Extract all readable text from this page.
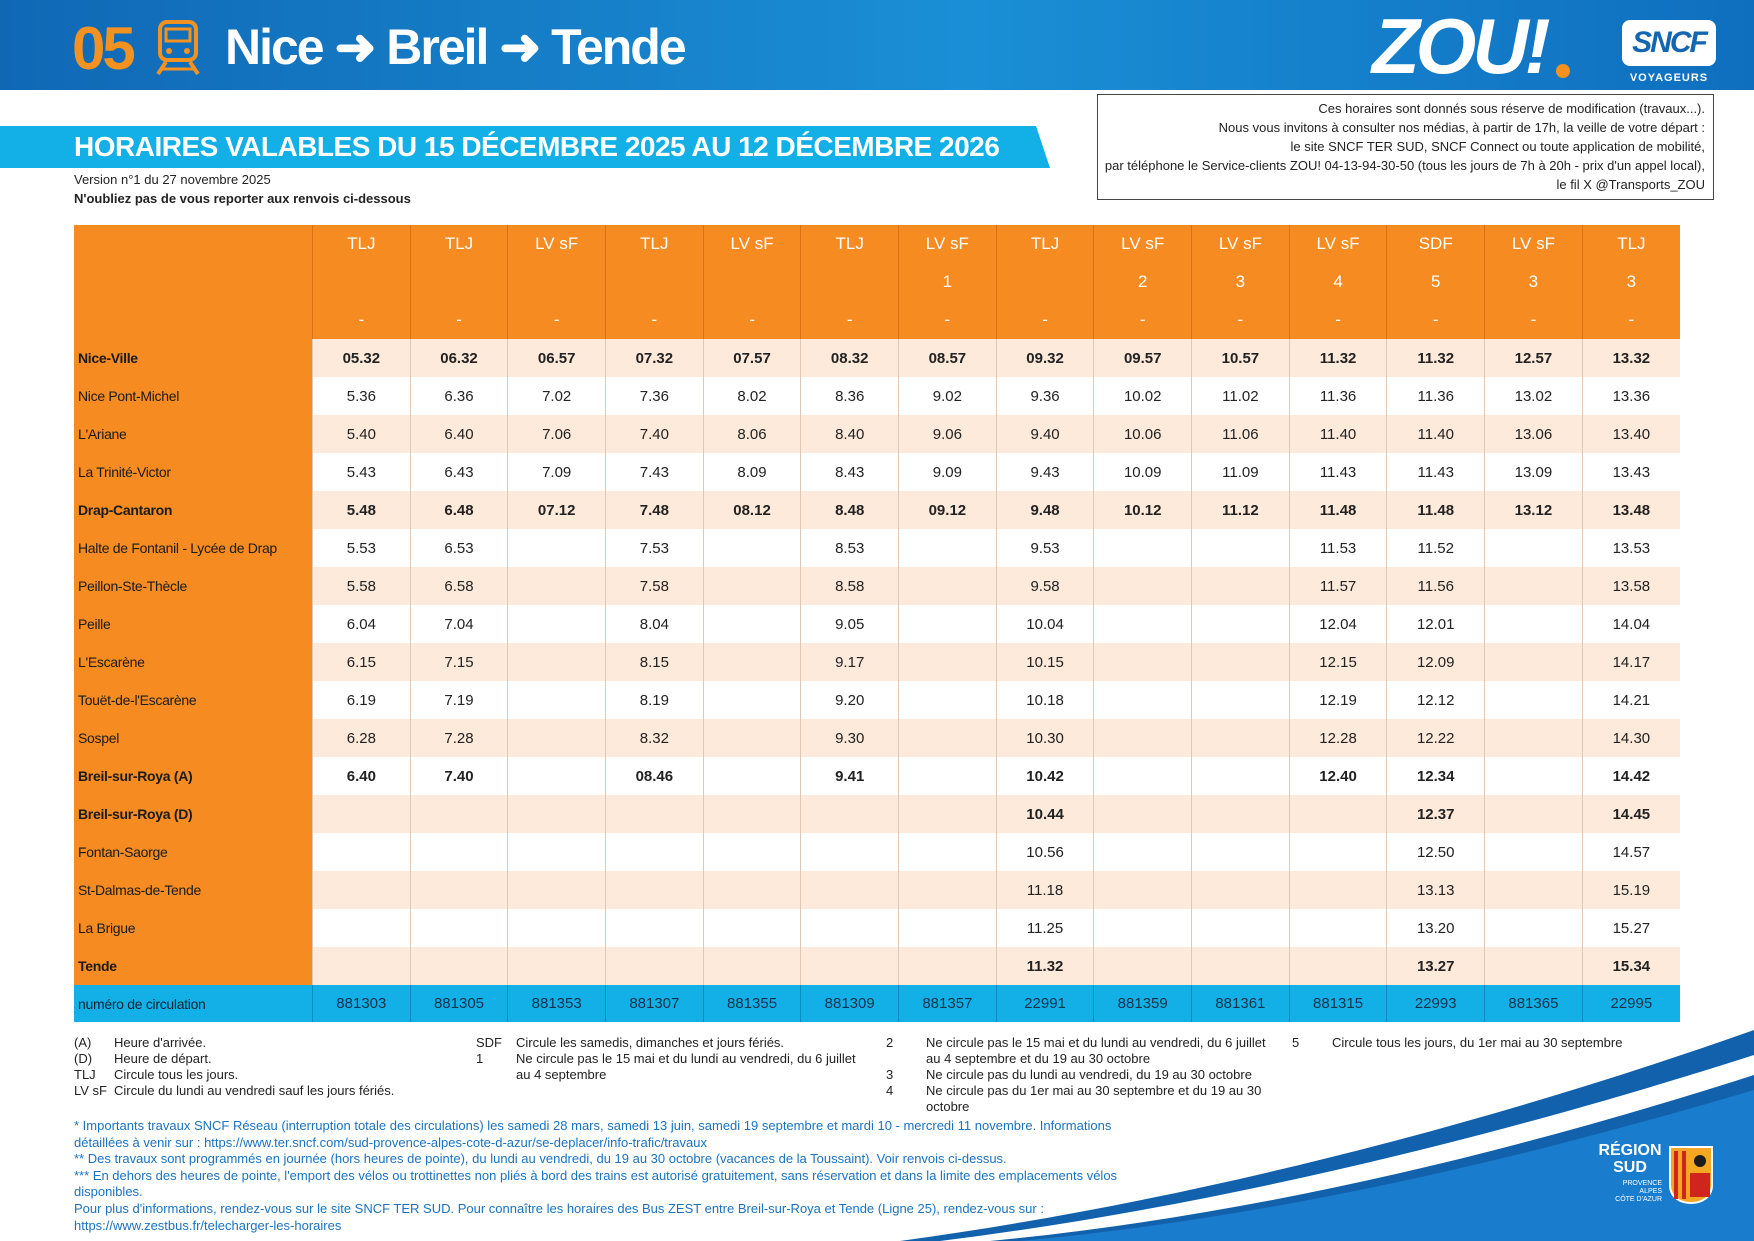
05 Nice ➜ Breil ➜ Tende	ZOU!	SNCF
VOYAGEURS
Ces horaires sont donnés sous réserve de modification (travaux...).
Nous vous invitons à consulter nos médias, à partir de 17h, la veille de votre départ :
le site SNCF TER SUD, SNCF Connect ou toute application de mobilité,
par téléphone le Service-clients ZOU! 04-13-94-30-50 (tous les jours de 7h à 20h - prix d'un appel local),
le fil X @Transports_ZOU
HORAIRES VALABLES DU 15 DÉCEMBRE 2025 AU 12 DÉCEMBRE 2026
Version n°1 du 27 novembre 2025
N'oubliez pas de vous reporter aux renvois ci-dessous
	TLJ	TLJ	LV sF	TLJ	LV sF	TLJ	LV sF	TLJ	LV sF	LV sF	LV sF	SDF	LV sF	TLJ
							1		2	3	4	5	3	3
	-	-	-	-	-	-	-	-	-	-	-	-	-	-
Nice-Ville	05.32	06.32	06.57	07.32	07.57	08.32	08.57	09.32	09.57	10.57	11.32	11.32	12.57	13.32
Nice Pont-Michel	5.36	6.36	7.02	7.36	8.02	8.36	9.02	9.36	10.02	11.02	11.36	11.36	13.02	13.36
L'Ariane	5.40	6.40	7.06	7.40	8.06	8.40	9.06	9.40	10.06	11.06	11.40	11.40	13.06	13.40
La Trinité-Victor	5.43	6.43	7.09	7.43	8.09	8.43	9.09	9.43	10.09	11.09	11.43	11.43	13.09	13.43
Drap-Cantaron	5.48	6.48	07.12	7.48	08.12	8.48	09.12	9.48	10.12	11.12	11.48	11.48	13.12	13.48
Halte de Fontanil - Lycée de Drap	5.53	6.53		7.53		8.53		9.53			11.53	11.52		13.53
Peillon-Ste-Thècle	5.58	6.58		7.58		8.58		9.58			11.57	11.56		13.58
Peille	6.04	7.04		8.04		9.05		10.04			12.04	12.01		14.04
L'Escarène	6.15	7.15		8.15		9.17		10.15			12.15	12.09		14.17
Touët-de-l'Escarène	6.19	7.19		8.19		9.20		10.18			12.19	12.12		14.21
Sospel	6.28	7.28		8.32		9.30		10.30			12.28	12.22		14.30
Breil-sur-Roya (A)	6.40	7.40		08.46		9.41		10.42			12.40	12.34		14.42
Breil-sur-Roya (D)								10.44				12.37		14.45
Fontan-Saorge								10.56				12.50		14.57
St-Dalmas-de-Tende								11.18				13.13		15.19
La Brigue								11.25				13.20		15.27
Tende								11.32				13.27		15.34
numéro de circulation	881303	881305	881353	881307	881355	881309	881357	22991	881359	881361	881315	22993	881365	22995
(A) Heure d'arrivée.
(D) Heure de départ.
TLJ Circule tous les jours.
LV sF Circule du lundi au vendredi sauf les jours fériés.
SDF Circule les samedis, dimanches et jours fériés.
1	Ne circule pas le 15 mai et du lundi au vendredi, du 6 juillet au 4 septembre
2	Ne circule pas le 15 mai et du lundi au vendredi, du 6 juillet au 4 septembre et du 19 au 30 octobre
3	Ne circule pas du lundi au vendredi, du 19 au 30 octobre
4	Ne circule pas du 1er mai au 30 septembre et du 19 au 30 octobre
5	Circule tous les jours, du 1er mai au 30 septembre
* Importants travaux SNCF Réseau (interruption totale des circulations) les samedi 28 mars, samedi 13 juin, samedi 19 septembre et mardi 10 - mercredi 11 novembre. Informations détaillées à venir sur : https://www.ter.sncf.com/sud-provence-alpes-cote-d-azur/se-deplacer/info-trafic/travaux
** Des travaux sont programmés en journée (hors heures de pointe), du lundi au vendredi, du 19 au 30 octobre (vacances de la Toussaint). Voir renvois ci-dessus.
*** En dehors des heures de pointe, l'emport des vélos ou trottinettes non pliés à bord des trains est autorisé gratuitement, sans réservation et dans la limite des emplacements vélos disponibles.
Pour plus d'informations, rendez-vous sur le site SNCF TER SUD. Pour connaître les horaires des Bus ZEST entre Breil-sur-Roya et Tende (Ligne 25), rendez-vous sur : https://www.zestbus.fr/telecharger-les-horaires
RÉGION
SUD
PROVENCE
ALPES
CÔTE D'AZUR
